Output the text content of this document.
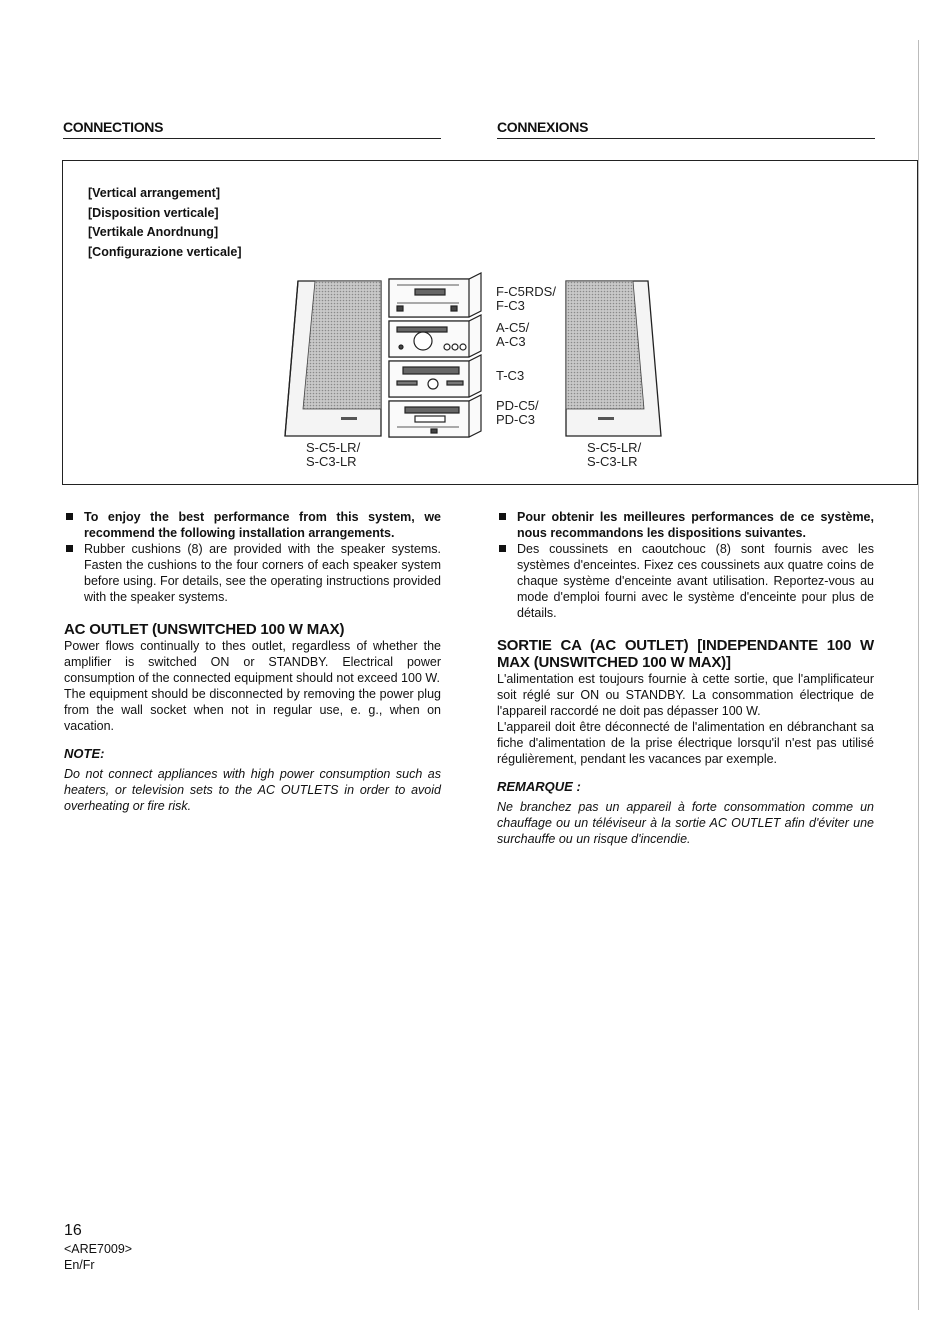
CONNECTIONS	CONNEXIONS
[Vertical arrangement]
[Disposition verticale]
[Vertikale Anordnung]
[Configurazione verticale]
F-C5RDS/
F-C3
A-C5/
A-C3
T-C3
PD-C5/
PD-C3
S-C5-LR/
S-C3-LR
S-C5-LR/
S-C3-LR
To enjoy the best performance from this system, we recommend the following installation arrangements.
Rubber cushions (8) are provided with the speaker systems. Fasten the cushions to the four corners of each speaker system before using. For details, see the operating instructions provided with the speaker systems.
AC OUTLET (UNSWITCHED 100 W MAX)
Power flows continually to thes outlet, regardless of whether the amplifier is switched ON or STANDBY. Electrical power consumption of the connected equipment should not exceed 100 W.
The equipment should be disconnected by removing the power plug from the wall socket when not in regular use, e. g., when on vacation.
NOTE:
Do not connect appliances with high power consumption such as heaters, or television sets to the AC OUTLETS in order to avoid overheating or fire risk.
Pour obtenir les meilleures performances de ce système, nous recommandons les dispositions suivantes.
Des coussinets en caoutchouc (8) sont fournis avec les systèmes d'enceintes. Fixez ces coussinets aux quatre coins de chaque système d'enceinte avant utilisation. Reportez-vous au mode d'emploi fourni avec le système d'enceinte pour plus de détails.
SORTIE CA (AC OUTLET) [INDEPENDANTE 100 W MAX (UNSWITCHED 100 W MAX)]
L'alimentation est toujours fournie à cette sortie, que l'amplificateur soit réglé sur ON ou STANDBY. La consommation électrique de l'appareil raccordé ne doit pas dépasser 100 W.
L'appareil doit être déconnecté de l'alimentation en débranchant sa fiche d'alimentation de la prise électrique lorsqu'il n'est pas utilisé régulièrement, pendant les vacances par exemple.
REMARQUE :
Ne branchez pas un appareil à forte consommation comme un chauffage ou un téléviseur à la sortie AC OUTLET afin d'éviter une surchauffe ou un risque d'incendie.
16
<ARE7009>
En/Fr
